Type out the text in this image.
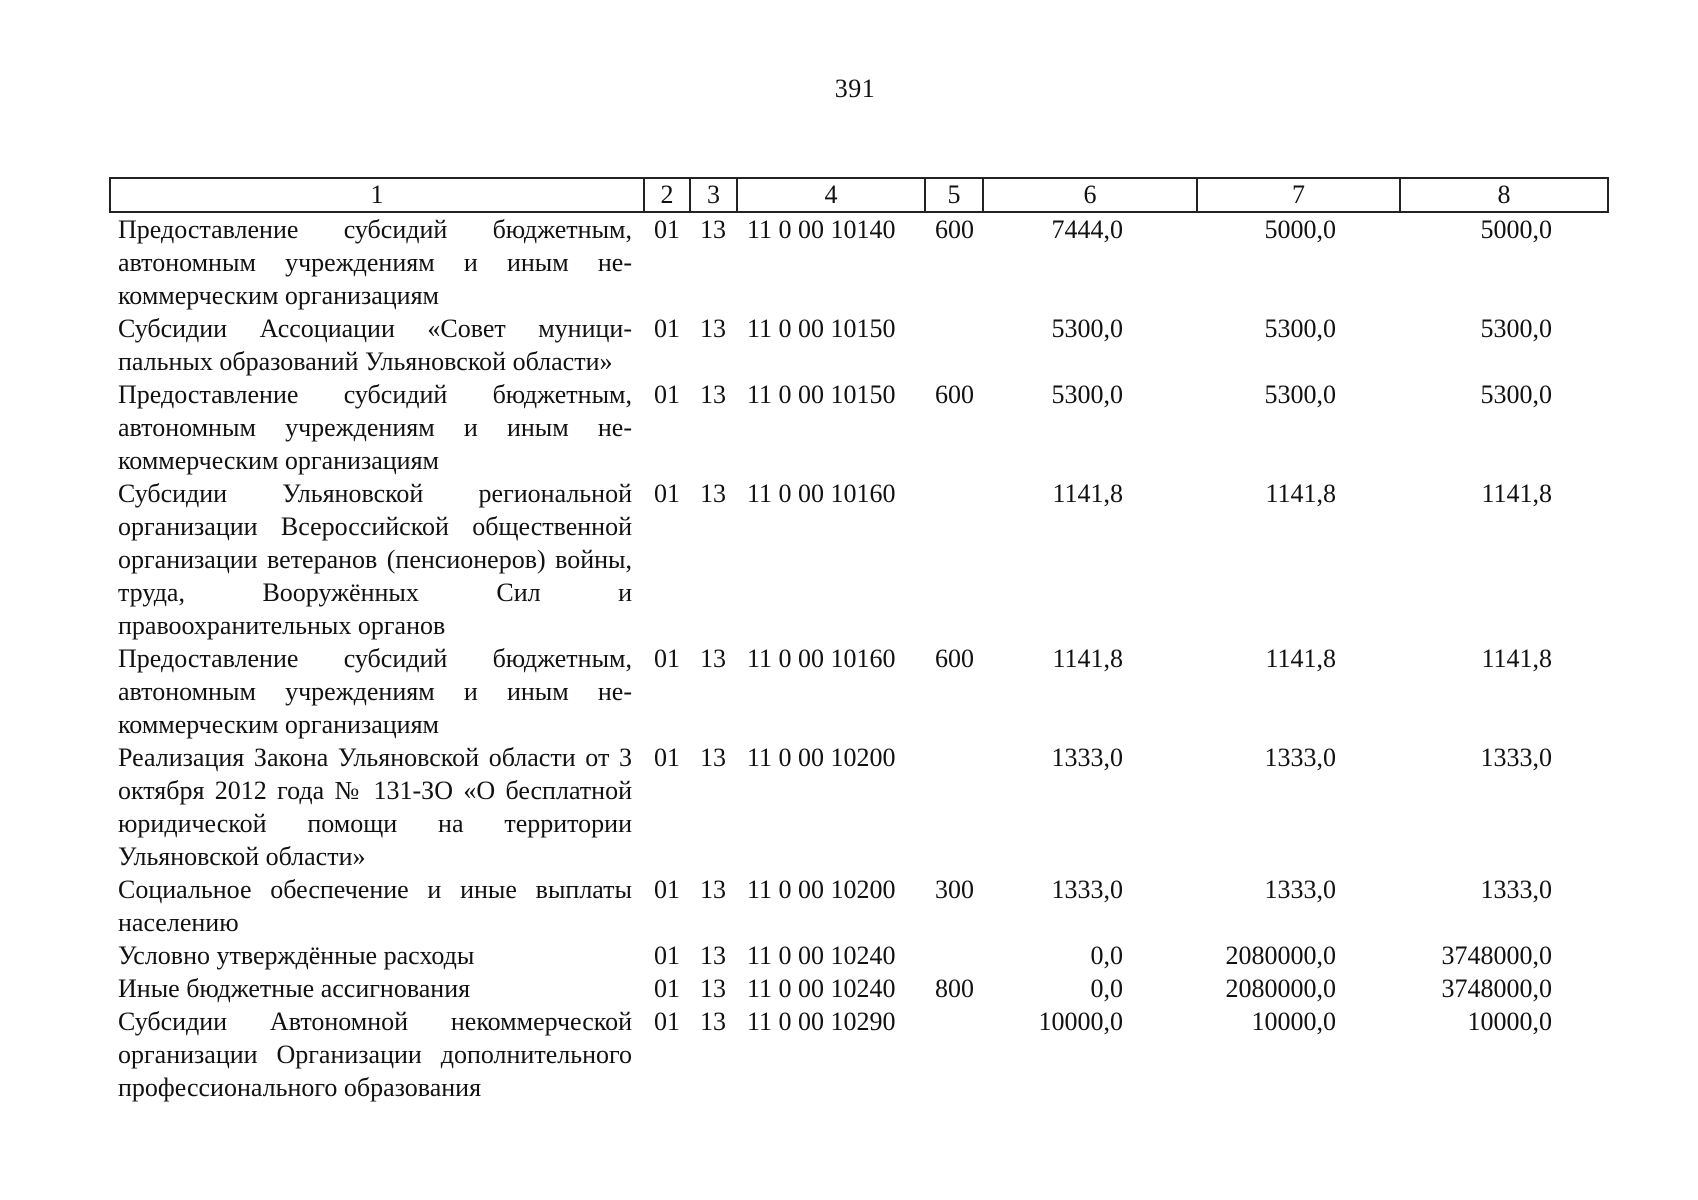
391
1	2	3	4	5	6	7	8
Предоставление субсидий бюджетным, автономным учреждениям и иным некоммерческим организациям	01	13	11 0 00 10140	600	7444,0	5000,0	5000,0
Субсидии Ассоциации «Совет муниципальных образований Ульяновской области»	01	13	11 0 00 10150		5300,0	5300,0	5300,0
Предоставление субсидий бюджетным, автономным учреждениям и иным некоммерческим организациям	01	13	11 0 00 10150	600	5300,0	5300,0	5300,0
Субсидии Ульяновской региональной организации Всероссийской общественной организации ветеранов (пенсионеров) войны, труда, Вооружённых Сил и правоохранительных органов	01	13	11 0 00 10160		1141,8	1141,8	1141,8
Предоставление субсидий бюджетным, автономным учреждениям и иным некоммерческим организациям	01	13	11 0 00 10160	600	1141,8	1141,8	1141,8
Реализация Закона Ульяновской области от 3 октября 2012 года № 131-ЗО «О бесплатной юридической помощи на территории Ульяновской области»	01	13	11 0 00 10200		1333,0	1333,0	1333,0
Социальное обеспечение и иные выплаты населению	01	13	11 0 00 10200	300	1333,0	1333,0	1333,0
Условно утверждённые расходы	01	13	11 0 00 10240		0,0	2080000,0	3748000,0
Иные бюджетные ассигнования	01	13	11 0 00 10240	800	0,0	2080000,0	3748000,0
Субсидии Автономной некоммерческой организации Организации дополнительного профессионального образования	01	13	11 0 00 10290		10000,0	10000,0	10000,0
